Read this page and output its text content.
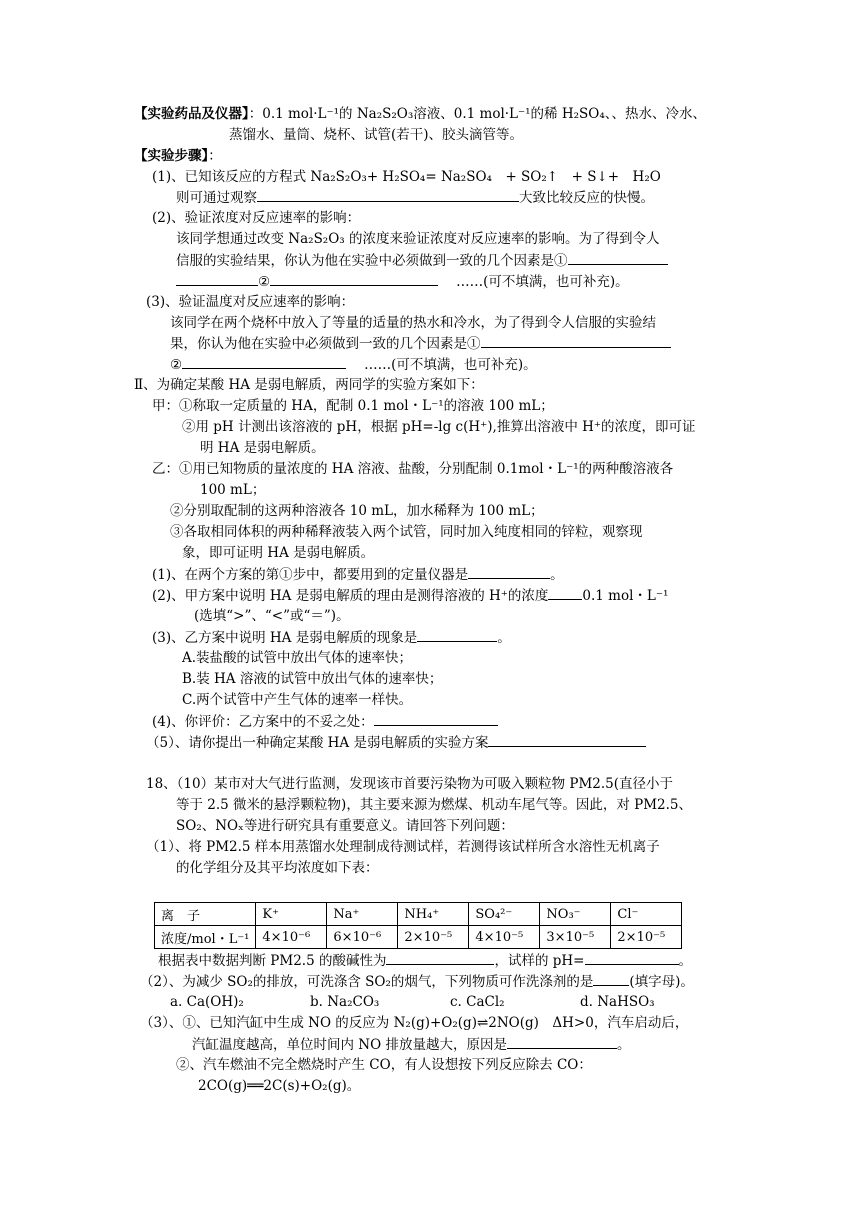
【实验药品及仪器】：0.1 mol·L⁻¹的 Na₂S₂O₃溶液、0.1 mol·L⁻¹的稀 H₂SO₄、、热水、冷水、
蒸馏水、量筒、烧杯、试管(若干)、胶头滴管等。
【实验步骤】：
(1)、已知该反应的方程式 Na₂S₂O₃+ H₂SO₄= Na₂SO₄　+ SO₂↑　+ S↓+　H₂O
则可通过观察	大致比较反应的快慢。
(2)、验证浓度对反应速率的影响：
该同学想通过改变 Na₂S₂O₃ 的浓度来验证浓度对反应速率的影响。为了得到令人
信服的实验结果，你认为他在实验中必须做到一致的几个因素是①
②	……(可不填满，也可补充)。
(3)、验证温度对反应速率的影响：
该同学在两个烧杯中放入了等量的适量的热水和冷水，为了得到令人信服的实验结
果，你认为他在实验中必须做到一致的几个因素是①
②	……(可不填满，也可补充)。
Ⅱ、为确定某酸 HA 是弱电解质，两同学的实验方案如下：
甲：①称取一定质量的 HA，配制 0.1 mol・L⁻¹的溶液 100 mL；
②用 pH 计测出该溶液的 pH，根据 pH=-lg c(H⁺),推算出溶液中 H⁺的浓度，即可证
明 HA 是弱电解质。
乙：①用已知物质的量浓度的 HA 溶液、盐酸，分别配制 0.1mol・L⁻¹的两种酸溶液各
100 mL；
②分别取配制的这两种溶液各 10 mL，加水稀释为 100 mL；
③各取相同体积的两种稀释液装入两个试管，同时加入纯度相同的锌粒，观察现
象，即可证明 HA 是弱电解质。
(1)、在两个方案的第①步中，都要用到的定量仪器是	。
(2)、甲方案中说明 HA 是弱电解质的理由是测得溶液的 H⁺的浓度	0.1 mol・L⁻¹
(选填“>”、“<”或“＝”)。
(3)、乙方案中说明 HA 是弱电解质的现象是	。
A.装盐酸的试管中放出气体的速率快；
B.装 HA 溶液的试管中放出气体的速率快；
C.两个试管中产生气体的速率一样快。
(4)、你评价：乙方案中的不妥之处：
（5）、请你提出一种确定某酸 HA 是弱电解质的实验方案
18、（10）某市对大气进行监测，发现该市首要污染物为可吸入颗粒物 PM2.5(直径小于
等于 2.5 微米的悬浮颗粒物)，其主要来源为燃煤、机动车尾气等。因此，对 PM2.5、
SO₂、NOₓ等进行研究具有重要意义。请回答下列问题：
（1）、将 PM2.5 样本用蒸馏水处理制成待测试样，若测得该试样所含水溶性无机离子
的化学组分及其平均浓度如下表：
离　子	K⁺	Na⁺	NH₄⁺	SO₄²⁻	NO₃⁻	Cl⁻
浓度/mol・L⁻¹	4×10⁻⁶	6×10⁻⁶	2×10⁻⁵	4×10⁻⁵	3×10⁻⁵	2×10⁻⁵
根据表中数据判断 PM2.5 的酸碱性为	，试样的 pH=	。
（2）、为减少 SO₂的排放，可洗涤含 SO₂的烟气，下列物质可作洗涤剂的是	(填字母)。
a. Ca(OH)₂	b. Na₂CO₃	c. CaCl₂	d. NaHSO₃
（3）、①、已知汽缸中生成 NO 的反应为 N₂(g)+O₂(g)⇌2NO(g)　ΔH>0，汽车启动后，
汽缸温度越高，单位时间内 NO 排放量越大，原因是	。
②、汽车燃油不完全燃烧时产生 CO，有人设想按下列反应除去 CO：
2CO(g)══2C(s)+O₂(g)。
